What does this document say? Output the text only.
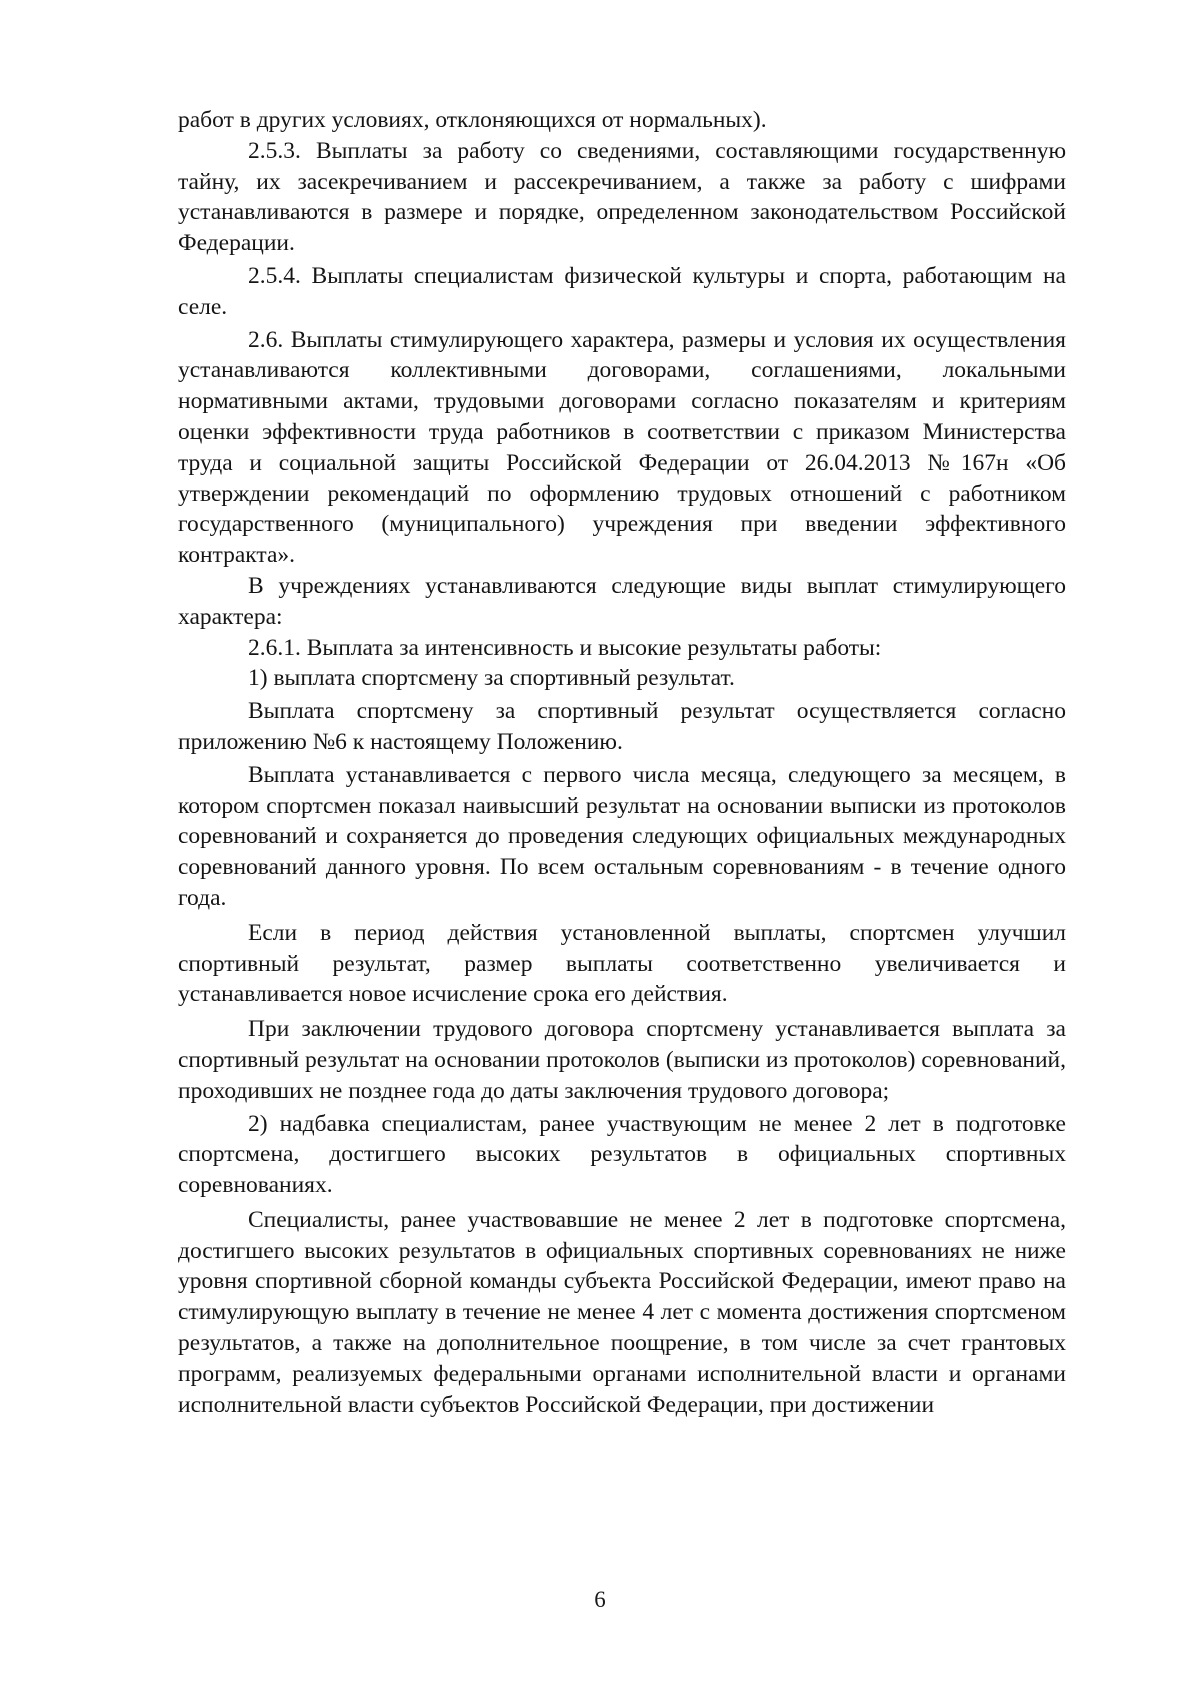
работ в других условиях, отклоняющихся от нормальных).

2.5.3. Выплаты за работу со сведениями, составляющими государственную тайну, их засекречиванием и рассекречиванием, а также за работу с шифрами устанавливаются в размере и порядке, определенном законодательством Российской Федерации.

2.5.4. Выплаты специалистам физической культуры и спорта, работающим на селе.

2.6. Выплаты стимулирующего характера, размеры и условия их осуществления устанавливаются коллективными договорами, соглашениями, локальными нормативными актами, трудовыми договорами согласно показателям и критериям оценки эффективности труда работников в соответствии с приказом Министерства труда и социальной защиты Российской Федерации от 26.04.2013 №167н «Об утверждении рекомендаций по оформлению трудовых отношений с работником государственного (муниципального) учреждения при введении эффективного контракта».

В учреждениях устанавливаются следующие виды выплат стимулирующего характера:

2.6.1. Выплата за интенсивность и высокие результаты работы:

1) выплата спортсмену за спортивный результат.

Выплата спортсмену за спортивный результат осуществляется согласно приложению №6 к настоящему Положению.

Выплата устанавливается с первого числа месяца, следующего за месяцем, в котором спортсмен показал наивысший результат на основании выписки из протоколов соревнований и сохраняется до проведения следующих официальных международных соревнований данного уровня. По всем остальным соревнованиям - в течение одного года.

Если в период действия установленной выплаты, спортсмен улучшил спортивный результат, размер выплаты соответственно увеличивается и устанавливается новое исчисление срока его действия.

При заключении трудового договора спортсмену устанавливается выплата за спортивный результат на основании протоколов (выписки из протоколов) соревнований, проходивших не позднее года до даты заключения трудового договора;

2) надбавка специалистам, ранее участвующим не менее 2 лет в подготовке спортсмена, достигшего высоких результатов в официальных спортивных соревнованиях.

Специалисты, ранее участвовавшие не менее 2 лет в подготовке спортсмена, достигшего высоких результатов в официальных спортивных соревнованиях не ниже уровня спортивной сборной команды субъекта Российской Федерации, имеют право на стимулирующую выплату в течение не менее 4 лет с момента достижения спортсменом результатов, а также на дополнительное поощрение, в том числе за счет грантовых программ, реализуемых федеральными органами исполнительной власти и органами исполнительной власти субъектов Российской Федерации, при достижении

6
